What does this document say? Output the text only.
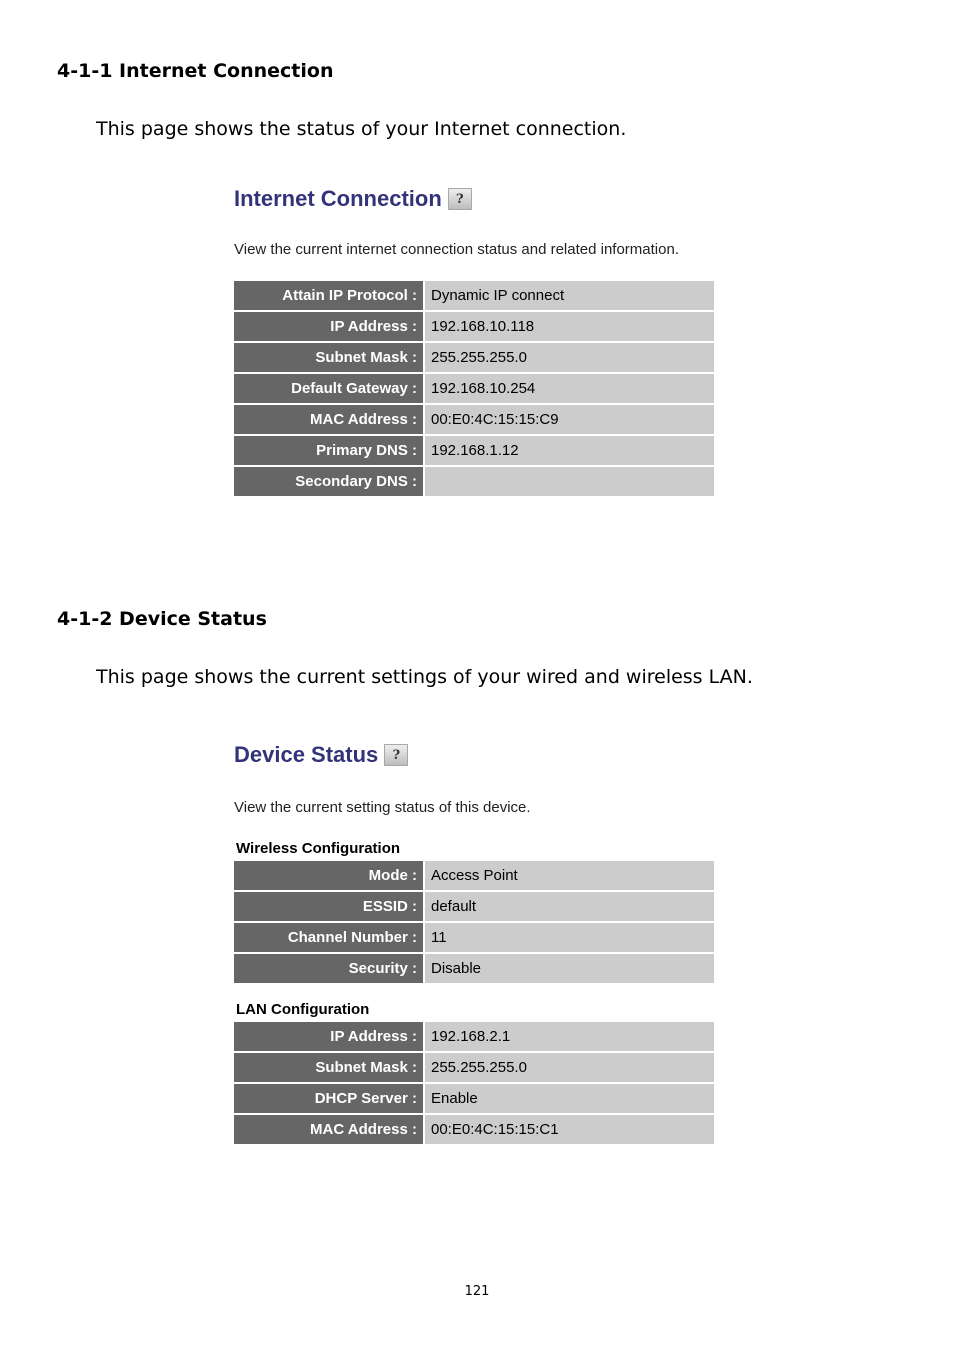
4-1-1 Internet Connection

This page shows the status of your Internet connection.

Internet Connection	?
View the current internet connection status and related information.
Attain IP Protocol :	Dynamic IP connect
IP Address :	192.168.10.118
Subnet Mask :	255.255.255.0
Default Gateway :	192.168.10.254
MAC Address :	00:E0:4C:15:15:C9
Primary DNS :	192.168.1.12
Secondary DNS :	
4-1-2 Device Status

This page shows the current settings of your wired and wireless LAN.

Device Status	?
View the current setting status of this device.
Wireless Configuration
Mode :	Access Point
ESSID :	default
Channel Number :	11
Security :	Disable
LAN Configuration
IP Address :	192.168.2.1
Subnet Mask :	255.255.255.0
DHCP Server :	Enable
MAC Address :	00:E0:4C:15:15:C1
121
